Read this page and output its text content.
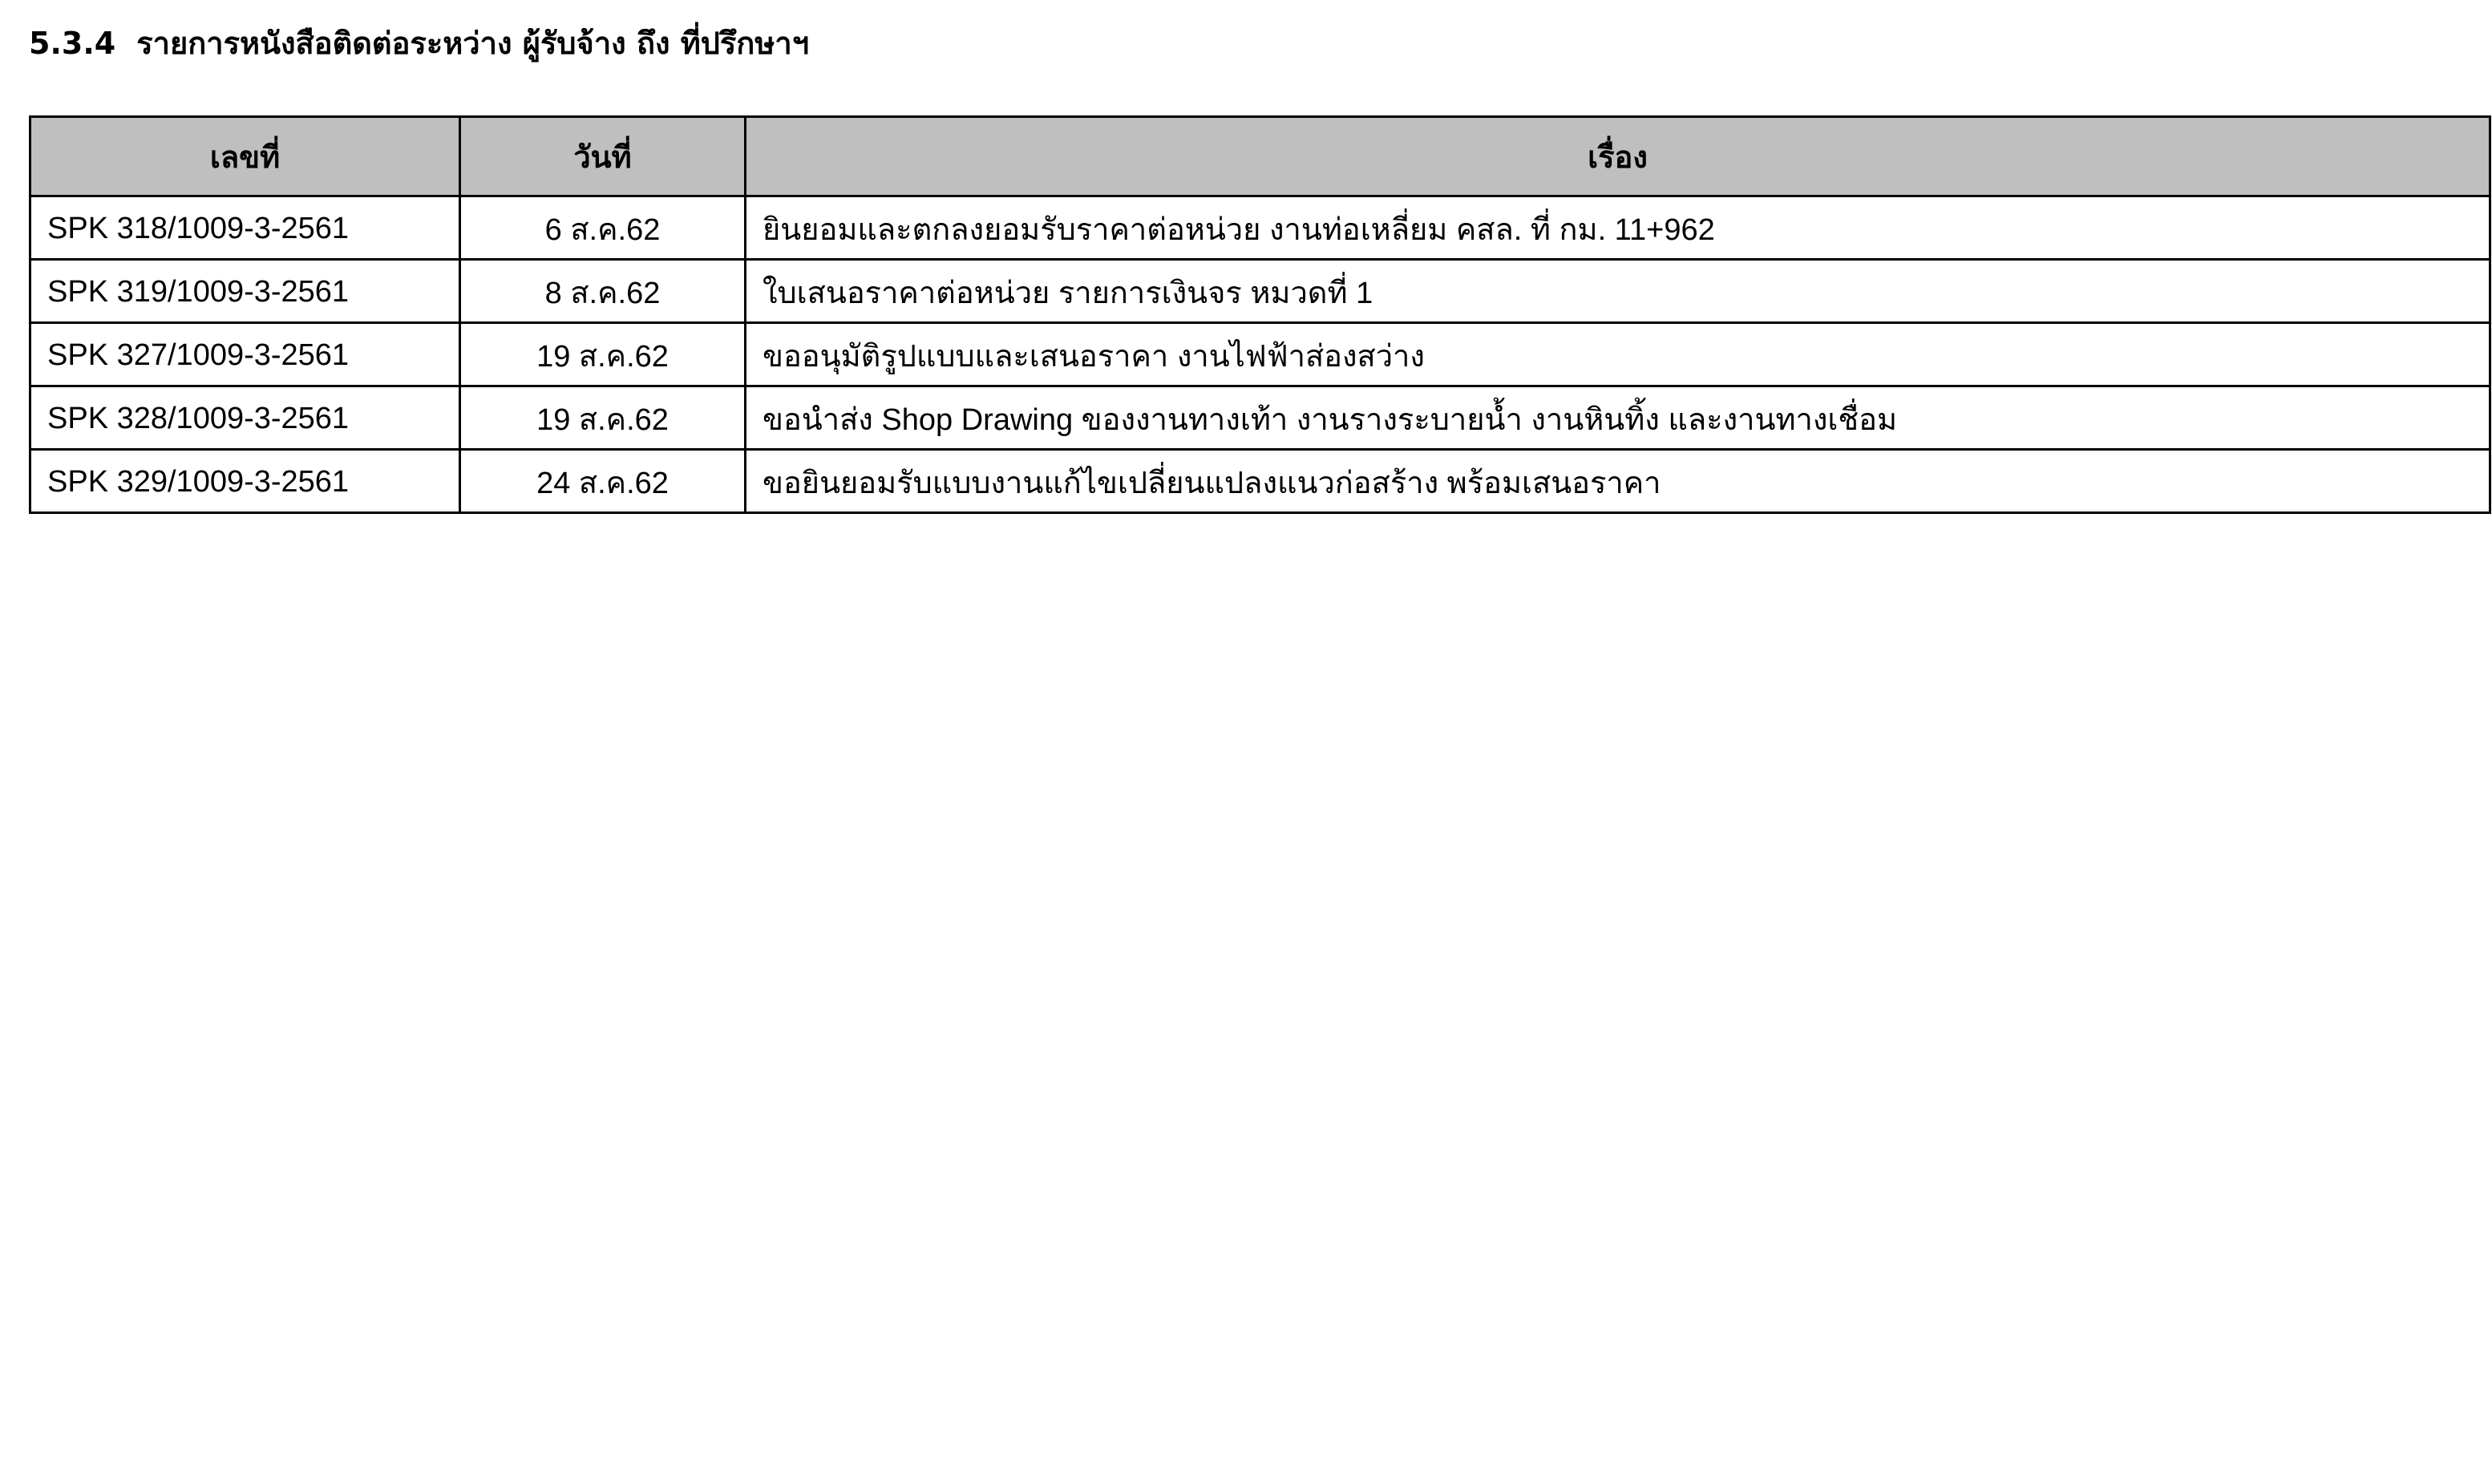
5.3.4 รายการหนังสือติดต่อระหว่าง ผู้รับจ้าง ถึง ที่ปรึกษาฯ
เลขที่	วันที่	เรื่อง
SPK 318/1009-3-2561	6 ส.ค.62	ยินยอมและตกลงยอมรับราคาต่อหน่วย งานท่อเหลี่ยม คสล. ที่ กม. 11+962
SPK 319/1009-3-2561	8 ส.ค.62	ใบเสนอราคาต่อหน่วย รายการเงินจร หมวดที่ 1
SPK 327/1009-3-2561	19 ส.ค.62	ขออนุมัติรูปแบบและเสนอราคา งานไฟฟ้าส่องสว่าง
SPK 328/1009-3-2561	19 ส.ค.62	ขอนำส่ง Shop Drawing ของงานทางเท้า งานรางระบายน้ำ งานหินทิ้ง และงานทางเชื่อม
SPK 329/1009-3-2561	24 ส.ค.62	ขอยินยอมรับแบบงานแก้ไขเปลี่ยนแปลงแนวก่อสร้าง พร้อมเสนอราคา
